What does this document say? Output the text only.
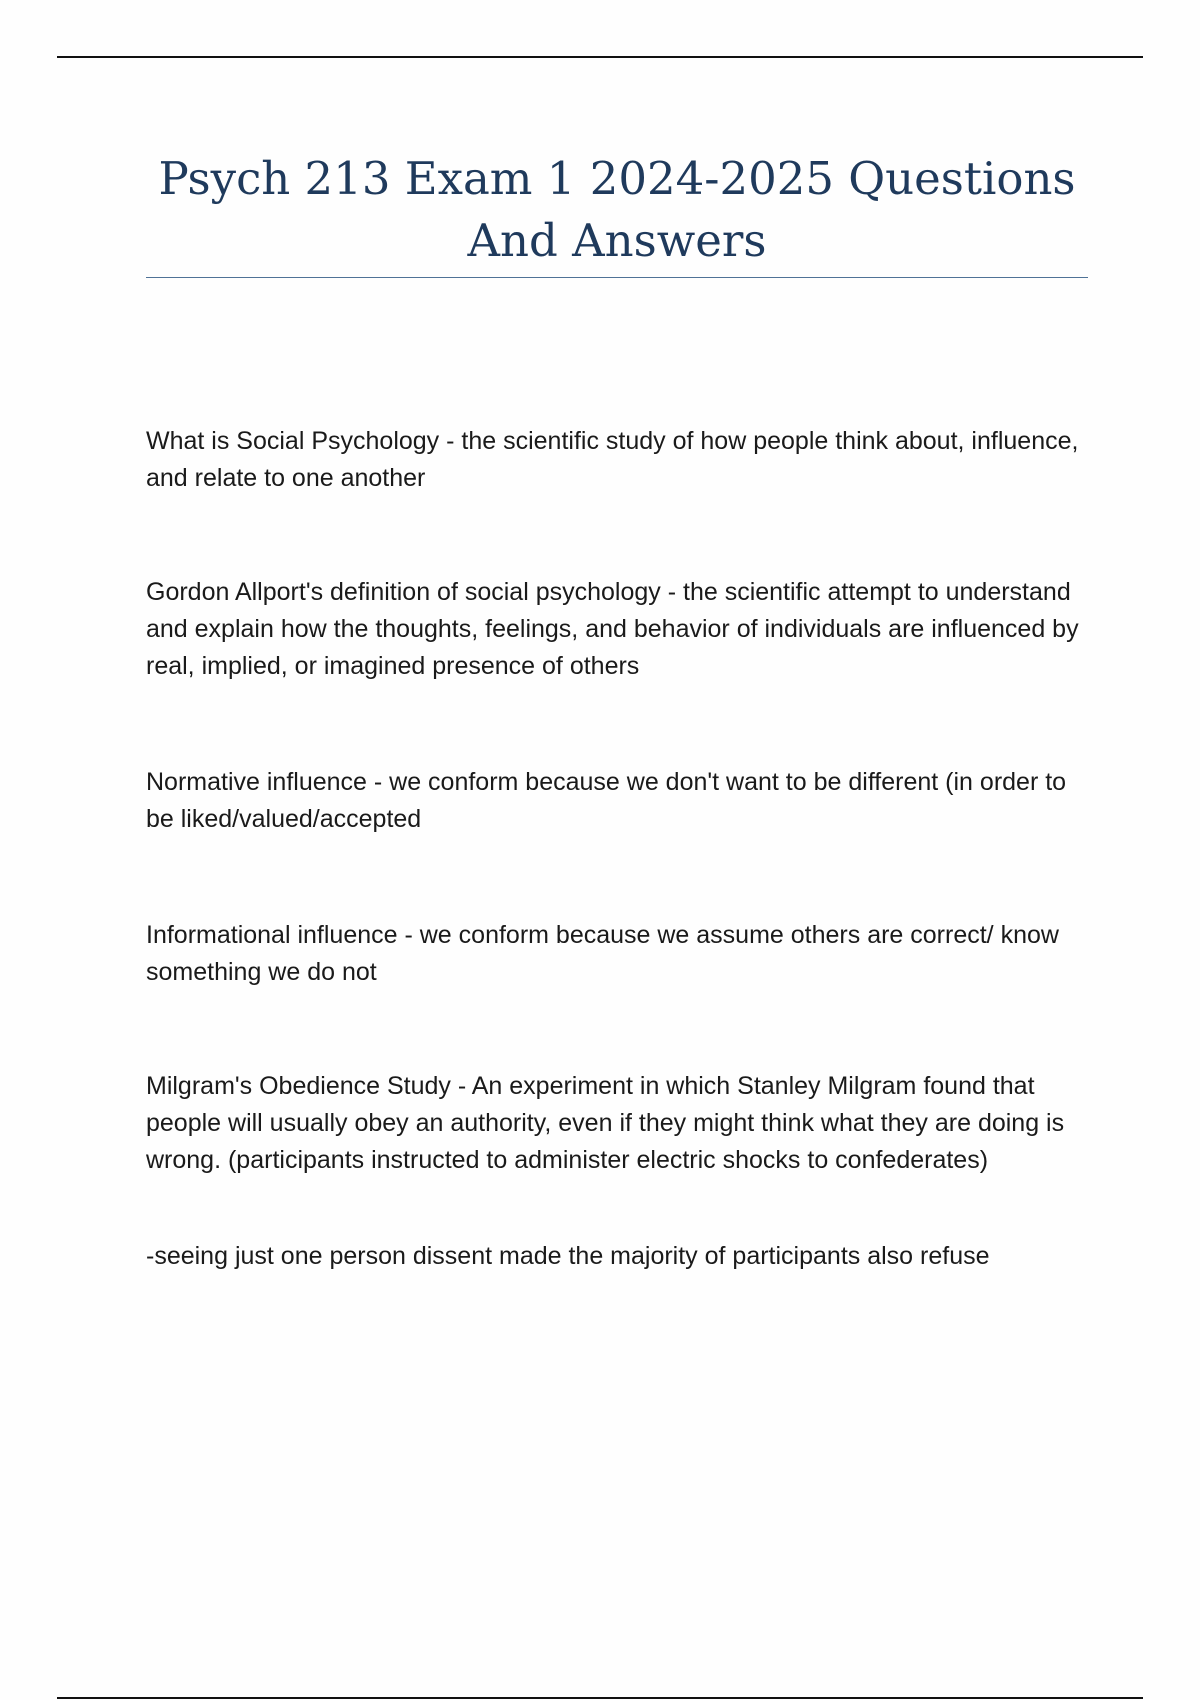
Psych 213 Exam 1 2024-2025 Questions And Answers

What is Social Psychology - the scientific study of how people think about, influence, and relate to one another

Gordon Allport's definition of social psychology - the scientific attempt to understand and explain how the thoughts, feelings, and behavior of individuals are influenced by real, implied, or imagined presence of others

Normative influence - we conform because we don't want to be different (in order to be liked/valued/accepted

Informational influence - we conform because we assume others are correct/ know something we do not

Milgram's Obedience Study - An experiment in which Stanley Milgram found that people will usually obey an authority, even if they might think what they are doing is wrong. (participants instructed to administer electric shocks to confederates)

-seeing just one person dissent made the majority of participants also refuse
